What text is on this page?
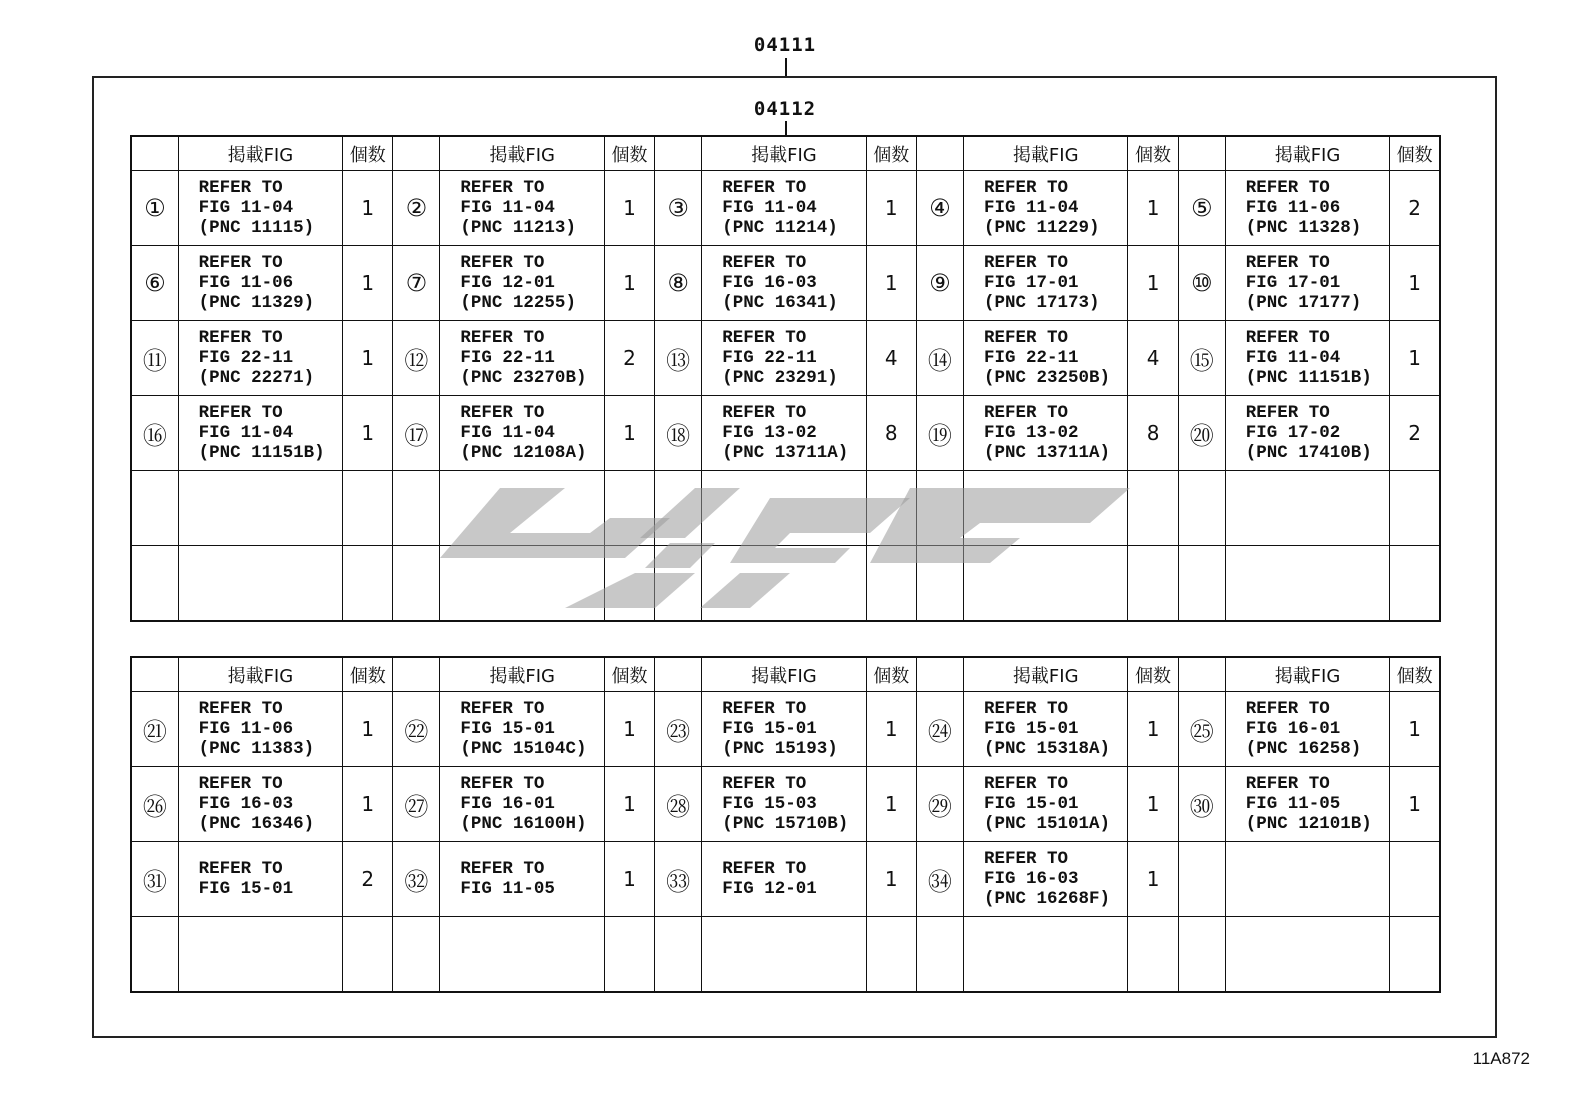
04111
04112
	掲載FIG	個数		掲載FIG	個数		掲載FIG	個数		掲載FIG	個数		掲載FIG	個数
①	REFER TO
FIG 11-04
(PNC 11115)	1	②	REFER TO
FIG 11-04
(PNC 11213)	1	③	REFER TO
FIG 11-04
(PNC 11214)	1	④	REFER TO
FIG 11-04
(PNC 11229)	1	⑤	REFER TO
FIG 11-06
(PNC 11328)	2
⑥	REFER TO
FIG 11-06
(PNC 11329)	1	⑦	REFER TO
FIG 12-01
(PNC 12255)	1	⑧	REFER TO
FIG 16-03
(PNC 16341)	1	⑨	REFER TO
FIG 17-01
(PNC 17173)	1	⑩	REFER TO
FIG 17-01
(PNC 17177)	1
⑪	REFER TO
FIG 22-11
(PNC 22271)	1	⑫	REFER TO
FIG 22-11
(PNC 23270B)	2	⑬	REFER TO
FIG 22-11
(PNC 23291)	4	⑭	REFER TO
FIG 22-11
(PNC 23250B)	4	⑮	REFER TO
FIG 11-04
(PNC 11151B)	1
⑯	REFER TO
FIG 11-04
(PNC 11151B)	1	⑰	REFER TO
FIG 11-04
(PNC 12108A)	1	⑱	REFER TO
FIG 13-02
(PNC 13711A)	8	⑲	REFER TO
FIG 13-02
(PNC 13711A)	8	⑳	REFER TO
FIG 17-02
(PNC 17410B)	2

	掲載FIG	個数		掲載FIG	個数		掲載FIG	個数		掲載FIG	個数		掲載FIG	個数
㉑	REFER TO
FIG 11-06
(PNC 11383)	1	㉒	REFER TO
FIG 15-01
(PNC 15104C)	1	㉓	REFER TO
FIG 15-01
(PNC 15193)	1	㉔	REFER TO
FIG 15-01
(PNC 15318A)	1	㉕	REFER TO
FIG 16-01
(PNC 16258)	1
㉖	REFER TO
FIG 16-03
(PNC 16346)	1	㉗	REFER TO
FIG 16-01
(PNC 16100H)	1	㉘	REFER TO
FIG 15-03
(PNC 15710B)	1	㉙	REFER TO
FIG 15-01
(PNC 15101A)	1	㉚	REFER TO
FIG 11-05
(PNC 12101B)	1
㉛	REFER TO
FIG 15-01	2	㉜	REFER TO
FIG 11-05	1	㉝	REFER TO
FIG 12-01	1	㉞	REFER TO
FIG 16-03
(PNC 16268F)	1			

11A872
